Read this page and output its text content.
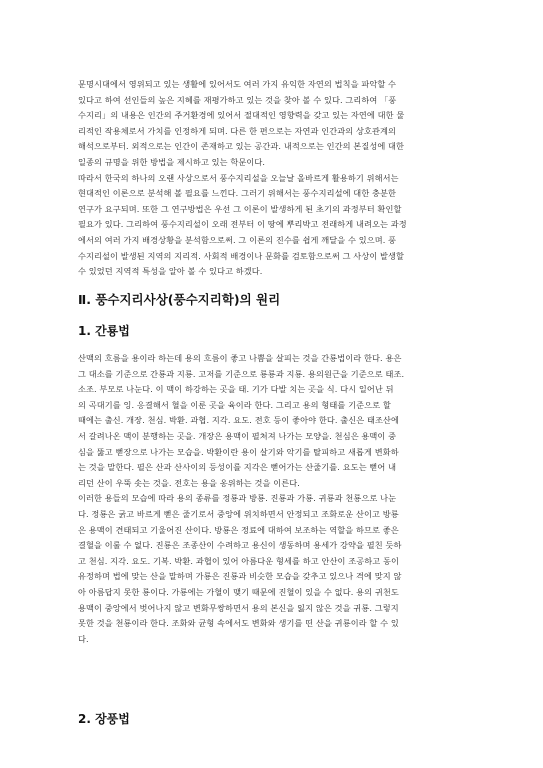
문명시대에서 영위되고 있는 생활에 있어서도 여러 가지 유익한 자연의 법칙을 파악할 수

있다고 하여 선인들의 높은 지혜를 재평가하고 있는 것을 찾아 볼 수 있다. 그리하여 「풍

수지리」의 내용은 인간의 주거환경에 있어서 절대적인 영향력을 갖고 있는 자연에 대한 물

리적인 작용체로서 가치를 인정하게 되며. 다른 한 편으로는 자연과 인간과의 상호관계의

해석으로부터. 외적으로는 인간이 존재하고 있는 공간과. 내적으로는 인간의 본질성에 대한

일종의 규명을 위한 방법을 제시하고 있는 학문이다.

따라서 한국의 하나의 오랜 사상으로서 풍수지리설을 오늘날 올바르게 활용하기 위해서는

현대적인 이론으로 분석해 볼 필요를 느낀다. 그러기 위해서는 풍수지리설에 대한 충분한

연구가 요구되며. 또한 그 연구방법은 우선 그 이론이 발생하게 된 초기의 과정부터 확인할

필요가 있다. 그리하여 풍수지리설이 오래 전부터 이 땅에 뿌리박고 전래하게 내려오는 과정

에서의 여러 가지 배경상황을 분석함으로써. 그 이론의 진수를 쉽게 깨달을 수 있으며. 풍

수지리설이 발생된 지역의 지리적. 사회적 배경이나 문화를 검토함으로써 그 사상이 발생할

수 있었던 지역적 특성을 알아 볼 수 있다고 하겠다.

Ⅱ. 풍수지리사상(풍수지리학)의 원리
1. 간룡법

산맥의 흐름을 용이라 하는데 용의 흐름이 좋고 나쁨을 살피는 것을 간룡법이라 한다. 용은

그 대소를 기준으로 간룡과 지룡. 고저를 기준으로 룡룡과 지룡. 용의원근을 기준으로 태조.

소조. 부모로 나눈다. 이 맥이 하강하는 곳을 태. 기가 다발 치는 곳을 식. 다시 일어난 뒤

의 곡대기를 잉. 응결해서 혈을 이룬 곳을 육이라 한다. 그리고 용의 형태를 기준으로 할

때에는 출신. 개장. 천심. 박환. 과협. 지각. 요도. 전호 등이 좋아야 한다. 출신은 태조산에

서 갈려나온 맥이 분행하는 곳을. 개장은 용맥이 펼쳐져 나가는 모양을. 천심은 용맥이 중

심을 뚫고 뻗장으로 나가는 모습을. 박환이란 용이 살기와 악기를 탈피하고 새롭게 변화하

는 것을 말한다. 펼은 산과 산사이의 등성이를 지각은 뻗어가는 산줄기를. 요도는 뻗어 내

리던 산이 우뚝 솟는 것을. 전호는 용을 옹위하는 것을 이른다.

이러한 용들의 모습에 따라 용의 종류를 정룡과 방룡. 진룡과 가룡. 귀룡과 천룡으로 나눈

다. 정룡은 굵고 바르게 뻗은 줄기로서 중앙에 위치하면서 안정되고 조화로운 산이고 방룡

은 용맥이 견태되고 기울어진 산이다. 방룡은 정료에 대하여 보조하는 역할을 하므로 좋은

결혈을 이룰 수 없다. 진룡은 조종산이 수려하고 용신이 생동하며 용세가 강약을 펼친 듯하

고 천심. 지각. 요도. 기복. 박환. 과협이 있어 아름다운 형세를 하고 안산이 조공하고 동이

유정하며 법에 맞는 산을 말하며 가룡은 진룡과 비슷한 모습을 갖추고 있으나 격에 맞지 않

아 아름답지 못한 룡이다. 가룡에는 가혈이 맺기 때문에 진혈이 있을 수 없다. 용의 귀천도

용맥이 중앙에서 벗어나지 않고 변화무쌍하면서 용의 본신을 잃지 않은 것을 귀룡. 그렇지

못한 것을 천룡이라 한다. 조화와 균형 속에서도 변화와 생기를 띤 산을 귀룡이라 할 수 있

다.

2. 장풍법
